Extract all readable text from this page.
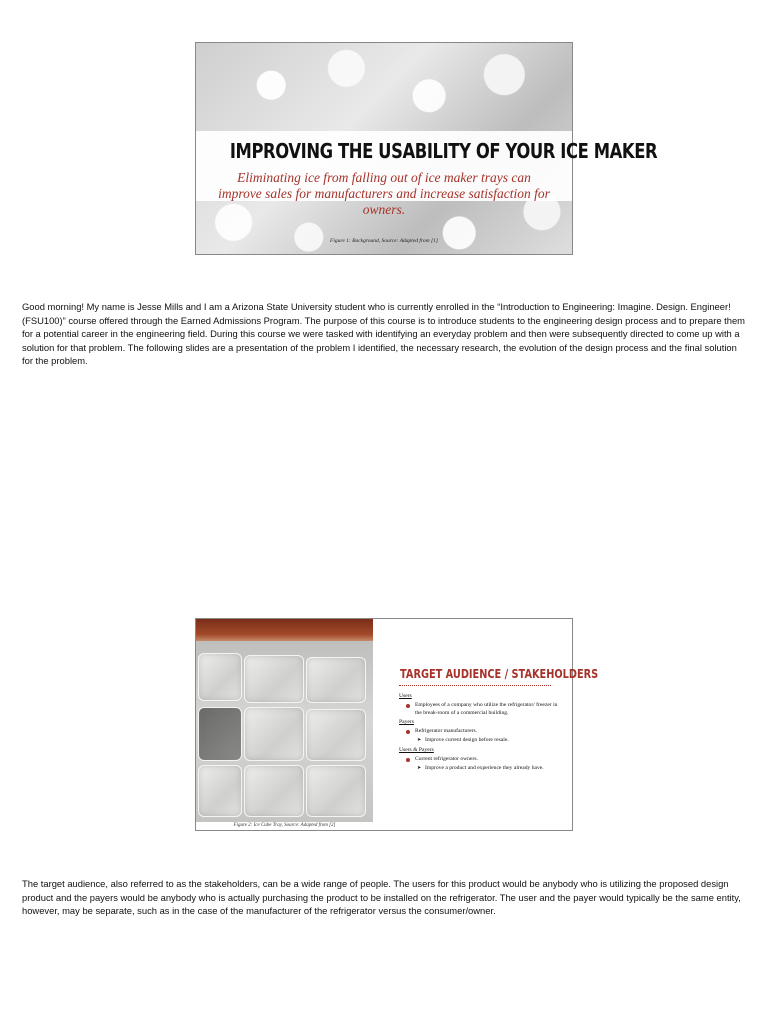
IMPROVING THE USABILITY OF YOUR ICE MAKER
Eliminating ice from falling out of ice maker trays can improve sales for manufacturers and increase satisfaction for owners.
Figure 1: Background, Source: Adapted from [1]
Good morning! My name is Jesse Mills and I am a Arizona State University student who is currently enrolled in the “Introduction to Engineering: Imagine. Design. Engineer! (FSU100)” course offered through the Earned Admissions Program. The purpose of this course is to introduce students to the engineering design process and to prepare them for a potential career in the engineering field. During this course we were tasked with identifying an everyday problem and then were subsequently directed to come up with a solution for that problem. The following slides are a presentation of the problem I identified, the necessary research, the evolution of the design process and the final solution for the problem.
Figure 2: Ice Cube Tray, Source: Adapted from [2]
TARGET AUDIENCE / STAKEHOLDERS
Users
Employees of a company who utilize the refrigerator/ freezer in the break-room of a commercial building.
Payers
Refrigerator manufacturers.
➤ Improve current design before resale.
Users & Payers
Current refrigerator owners.
➤ Improve a product and experience they already have.
The target audience, also referred to as the stakeholders, can be a wide range of people. The users for this product would be anybody who is utilizing the proposed design product and the payers would be anybody who is actually purchasing the product to be installed on the refrigerator. The user and the payer would typically be the same entity, however, may be separate, such as in the case of the manufacturer of the refrigerator versus the consumer/owner.
